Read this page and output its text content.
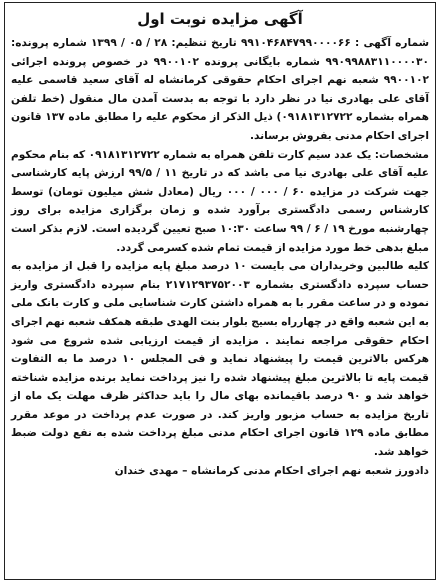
آگهی مزایده نوبت اول

شماره آگهی : ۹۹۱۰۴۶۸۴۷۹۹۰۰۰۰۶۶ تاریخ تنظیم: ۲۸ / ۰۵ / ۱۳۹۹ شماره پرونده: ۹۹۰۹۹۸۸۳۱۱۰۰۰۰۳۰ شماره بایگانی پرونده ۹۹۰۰۱۰۲ در خصوص پرونده اجرائی ۹۹۰۰۱۰۲ شعبه نهم اجرای احکام حقوقی کرمانشاه له آقای سعید قاسمی علیه آقای علی بهادری نیا در نظر دارد با توجه به بدست آمدن مال منقول (خط تلفن همراه بشماره ۰۹۱۸۱۳۱۲۷۲۲) ذیل الذکر از محکوم علیه را مطابق ماده ۱۳۷ قانون اجرای احکام مدنی بفروش برساند.

مشخصات: یک عدد سیم کارت تلفن همراه به شماره ۰۹۱۸۱۳۱۲۷۲۲ که بنام محکوم علیه آقای علی بهادری نیا می باشد که در تاریخ ۱۱ / ۹۹/۵ ارزش پایه کارشناسی جهت شرکت در مزایده ۶۰ / ۰۰۰ / ۰۰۰ ریال (معادل شش میلیون تومان) توسط کارشناس رسمی دادگستری برآورد شده و زمان برگزاری مزایده برای روز چهارشنبه مورخ ۱۹ / ۶ / ۹۹ ساعت ۱۰:۳۰ صبح تعیین گردیده است. لازم بذکر است مبلغ بدهی خط مورد مزایده از قیمت تمام شده کسرمی گردد.

کلیه طالبین وخریداران می بایست ۱۰ درصد مبلغ پایه مزایده را قبل از مزایده به حساب سپرده دادگستری بشماره ۲۱۷۱۲۹۳۷۵۲۰۰۳ بنام سپرده دادگستری واریز نموده و در ساعت مقرر با به همراه داشتن کارت شناسایی ملی و کارت بانک ملی به این شعبه واقع در چهارراه بسیج بلوار بنت الهدی طبقه همکف شعبه نهم اجرای احکام حقوقی مراجعه نمایند . مزایده از قیمت ارزیابی شده شروع می شود هرکس بالاترین قیمت را پیشنهاد نماید و فی المجلس ۱۰ درصد ما به التفاوت قیمت پایه تا بالاترین مبلغ پیشنهاد شده را نیز پرداخت نماید برنده مزایده شناخته خواهد شد و ۹۰ درصد باقیمانده بهای مال را باید حداکثر ظرف مهلت یک ماه از تاریخ مزایده به حساب مزبور واریز کند. در صورت عدم پرداخت در موعد مقرر مطابق ماده ۱۲۹ قانون اجرای احکام مدنی مبلغ پرداخت شده به نفع دولت ضبط خواهد شد.

دادورز شعبه نهم اجرای احکام مدنی کرمانشاه – مهدی خندان
